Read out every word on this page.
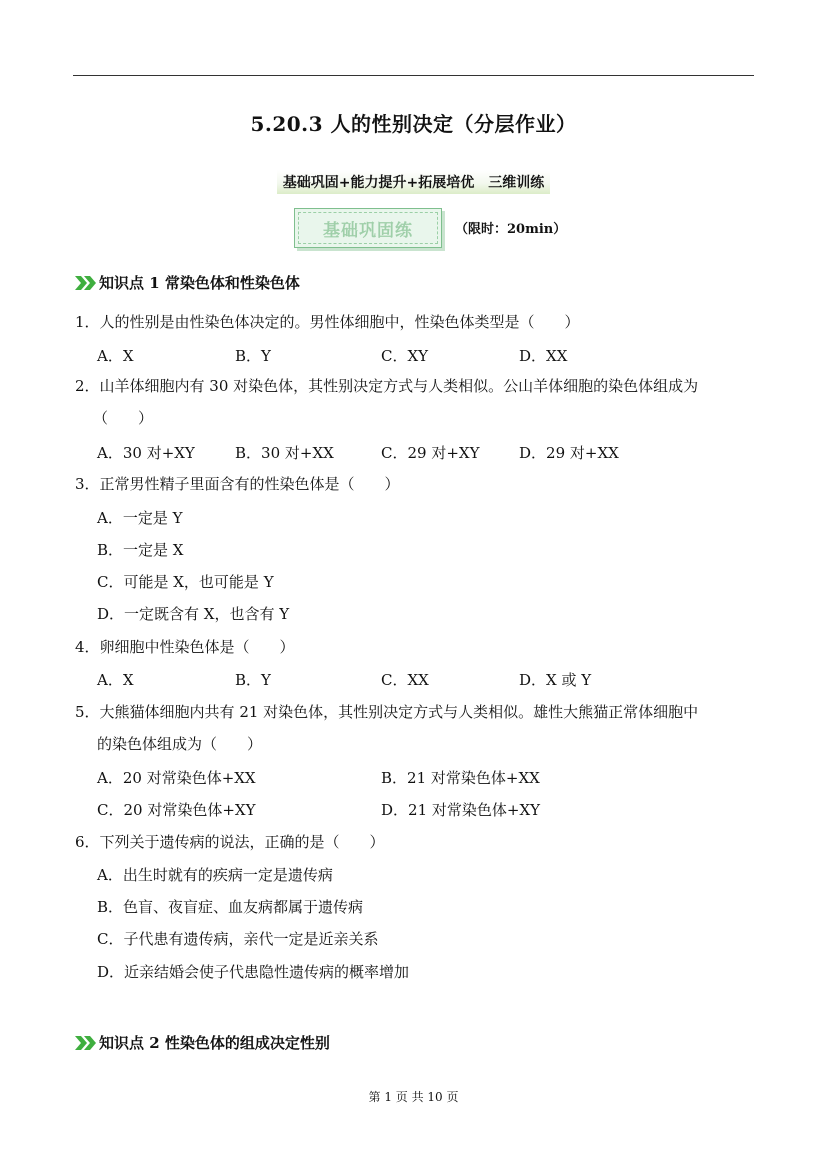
5.20.3 人的性别决定（分层作业）
基础巩固+能力提升+拓展培优　三维训练
基础巩固练	（限时：20min）
知识点 1 常染色体和性染色体
1．人的性别是由性染色体决定的。男性体细胞中，性染色体类型是（　　）
A．X	B．Y	C．XY	D．XX
2．山羊体细胞内有 30 对染色体，其性别决定方式与人类相似。公山羊体细胞的染色体组成为
（　　）
A．30 对+XY	B．30 对+XX	C．29 对+XY	D．29 对+XX
3．正常男性精子里面含有的性染色体是（　　）
A．一定是 Y
B．一定是 X
C．可能是 X，也可能是 Y
D．一定既含有 X，也含有 Y
4．卵细胞中性染色体是（　　）
A．X	B．Y	C．XX	D．X 或 Y
5．大熊猫体细胞内共有 21 对染色体，其性别决定方式与人类相似。雄性大熊猫正常体细胞中
的染色体组成为（　　）
A．20 对常染色体+XX	B．21 对常染色体+XX
C．20 对常染色体+XY	D．21 对常染色体+XY
6．下列关于遗传病的说法，正确的是（　　）
A．出生时就有的疾病一定是遗传病
B．色盲、夜盲症、血友病都属于遗传病
C．子代患有遗传病，亲代一定是近亲关系
D．近亲结婚会使子代患隐性遗传病的概率增加
知识点 2 性染色体的组成决定性别
第 1 页 共 10 页
